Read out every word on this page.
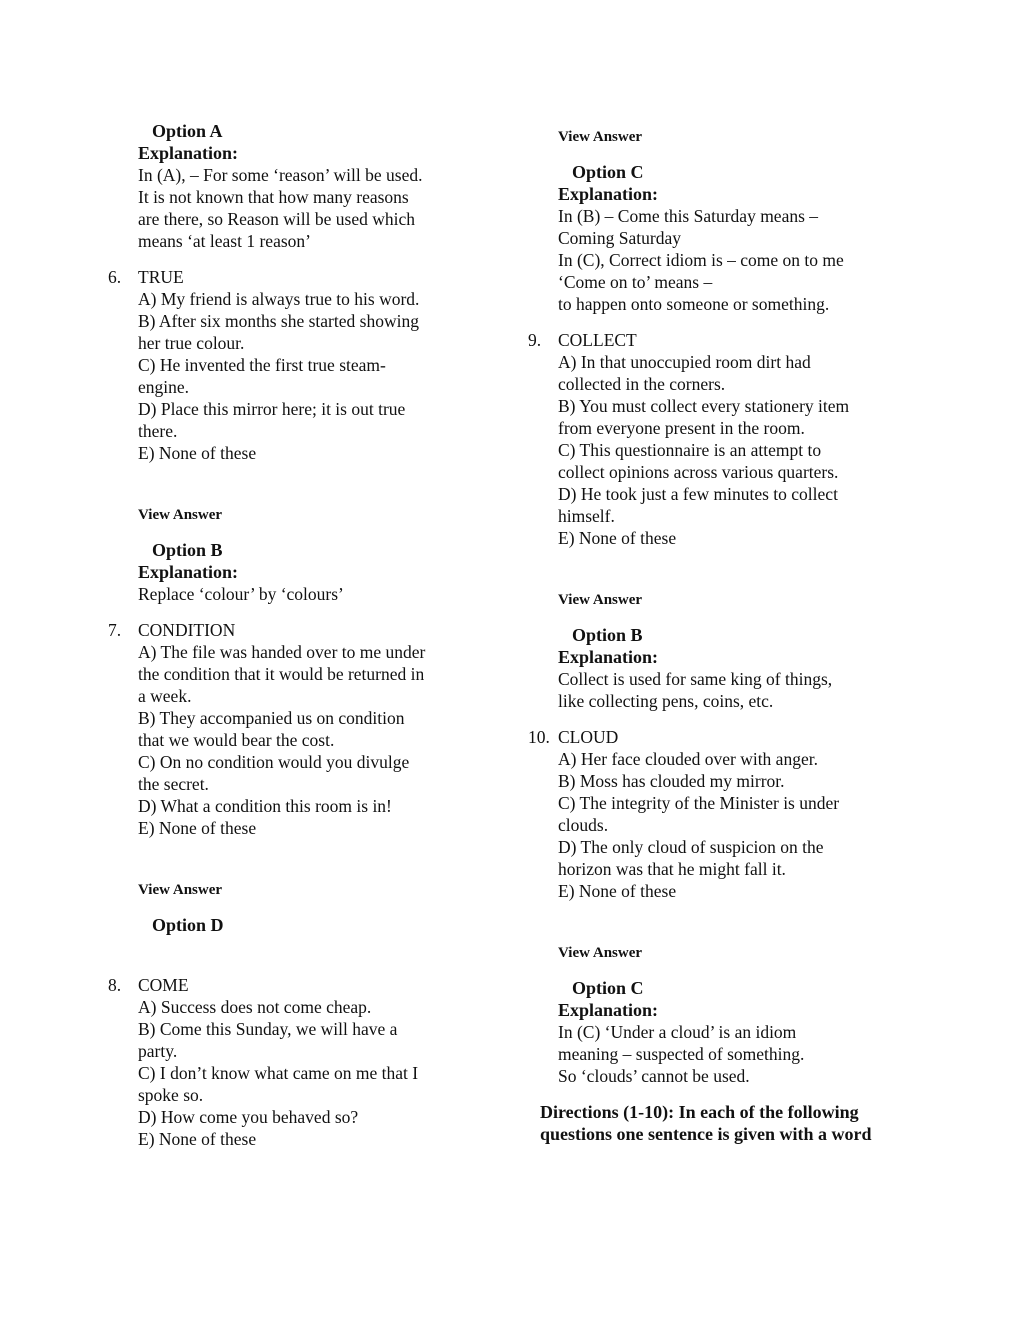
Option A
Explanation:
In (A), – For some ‘reason’ will be used.
It is not known that how many reasons
are there, so Reason will be used which
means ‘at least 1 reason’
6. TRUE
A) My friend is always true to his word.
B) After six months she started showing
her true colour.
C) He invented the first true steam-
engine.
D) Place this mirror here; it is out true
there.
E) None of these
View Answer
Option B
Explanation:
Replace ‘colour’ by ‘colours’
7. CONDITION
A) The file was handed over to me under
the condition that it would be returned in
a week.
B) They accompanied us on condition
that we would bear the cost.
C) On no condition would you divulge
the secret.
D) What a condition this room is in!
E) None of these
View Answer
Option D
8. COME
A) Success does not come cheap.
B) Come this Sunday, we will have a
party.
C) I don’t know what came on me that I
spoke so.
D) How come you behaved so?
E) None of these
View Answer
Option C
Explanation:
In (B) – Come this Saturday means –
Coming Saturday
In (C), Correct idiom is – come on to me
‘Come on to’ means –
to happen onto someone or something.
9. COLLECT
A) In that unoccupied room dirt had
collected in the corners.
B) You must collect every stationery item
from everyone present in the room.
C) This questionnaire is an attempt to
collect opinions across various quarters.
D) He took just a few minutes to collect
himself.
E) None of these
View Answer
Option B
Explanation:
Collect is used for same king of things,
like collecting pens, coins, etc.
10. CLOUD
A) Her face clouded over with anger.
B) Moss has clouded my mirror.
C) The integrity of the Minister is under
clouds.
D) The only cloud of suspicion on the
horizon was that he might fall it.
E) None of these
View Answer
Option C
Explanation:
In (C) ‘Under a cloud’ is an idiom
meaning – suspected of something.
So ‘clouds’ cannot be used.
Directions (1-10): In each of the following
questions one sentence is given with a word
